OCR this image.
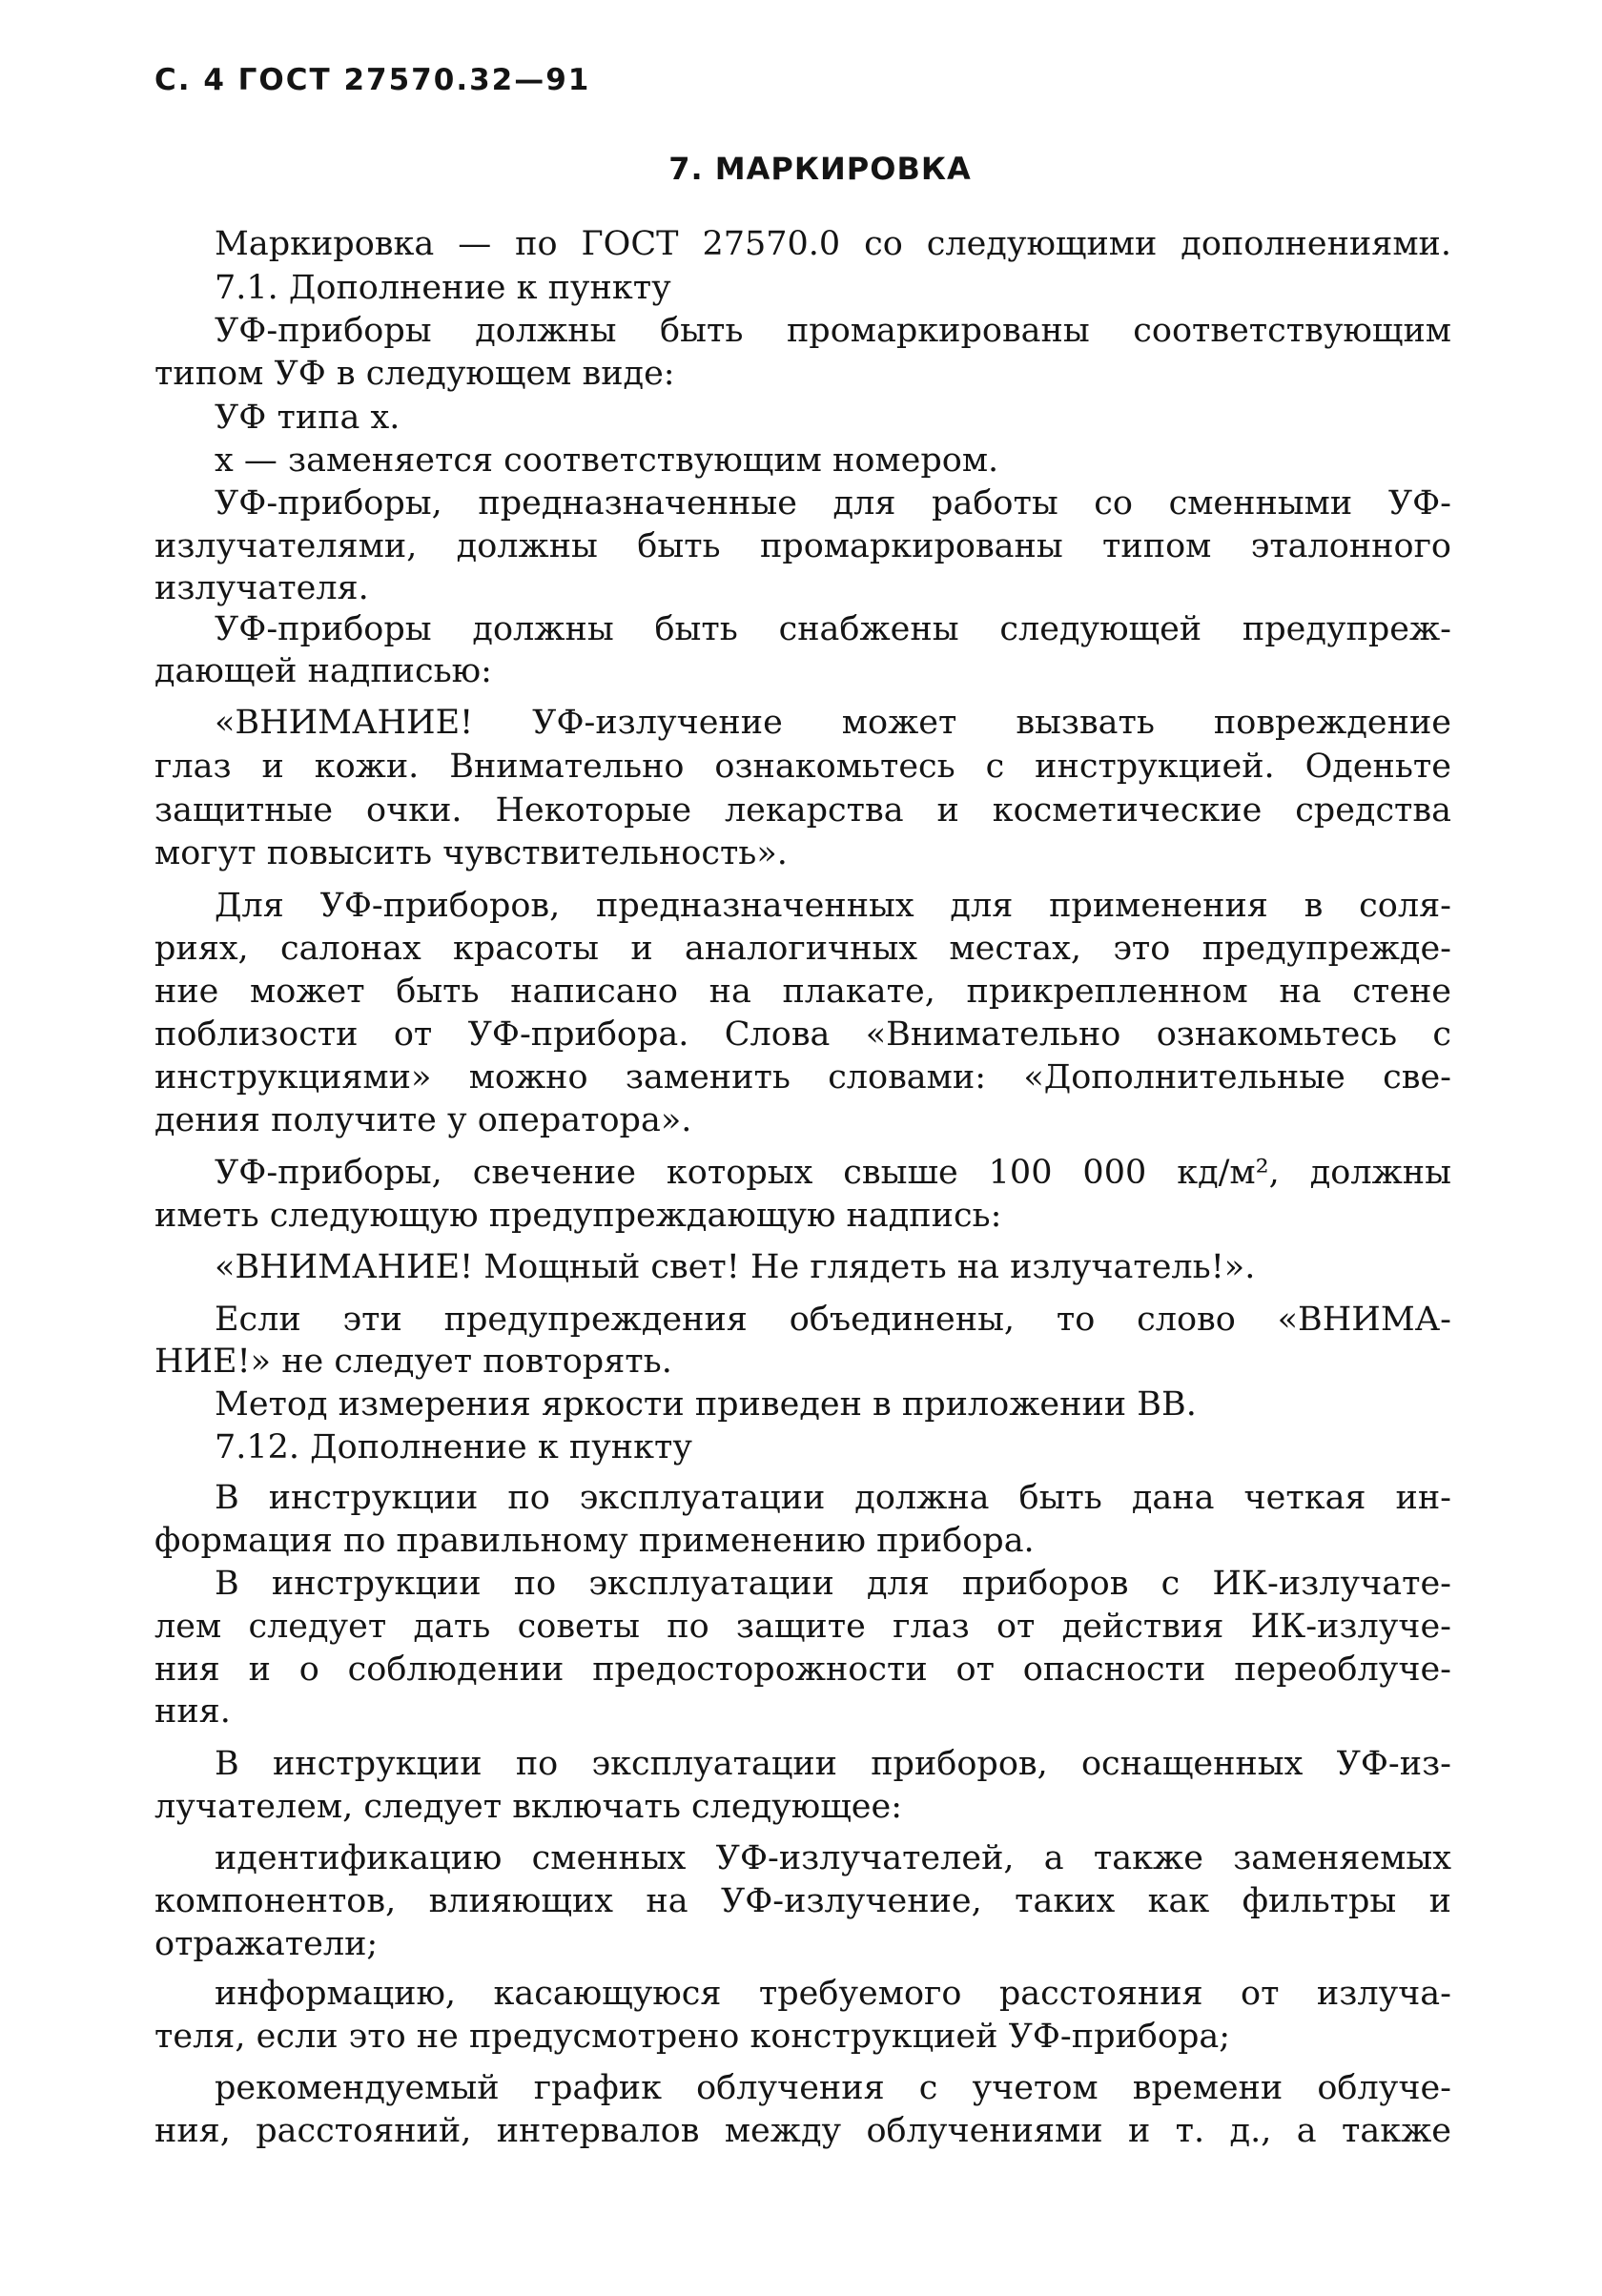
С. 4 ГОСТ 27570.32—91
7. МАРКИРОВКА
Маркировка — по ГОСТ 27570.0 со следующими дополнениями.
7.1. Дополнение к пункту
УФ-приборы должны быть промаркированы соответствующим
типом УФ в следующем виде:
УФ типа х.
х — заменяется соответствующим номером.
УФ-приборы, предназначенные для работы со сменными УФ-
излучателями, должны быть промаркированы типом эталонного
излучателя.
УФ-приборы должны быть снабжены следующей предупреж-
дающей надписью:
«ВНИМАНИЕ! УФ-излучение может вызвать повреждение
глаз и кожи. Внимательно ознакомьтесь с инструкцией. Оденьте
защитные очки. Некоторые лекарства и косметические средства
могут повысить чувствительность».
Для УФ-приборов, предназначенных для применения в соля-
риях, салонах красоты и аналогичных местах, это предупрежде-
ние может быть написано на плакате, прикрепленном на стене
поблизости от УФ-прибора. Слова «Внимательно ознакомьтесь с
инструкциями» можно заменить словами: «Дополнительные све-
дения получите у оператора».
УФ-приборы, свечение которых свыше 100 000 кд/м², должны
иметь следующую предупреждающую надпись:
«ВНИМАНИЕ! Мощный свет! Не глядеть на излучатель!».
Если эти предупреждения объединены, то слово «ВНИМА-
НИЕ!» не следует повторять.
Метод измерения яркости приведен в приложении ВВ.
7.12. Дополнение к пункту
В инструкции по эксплуатации должна быть дана четкая ин-
формация по правильному применению прибора.
В инструкции по эксплуатации для приборов с ИК-излучате-
лем следует дать советы по защите глаз от действия ИК-излуче-
ния и о соблюдении предосторожности от опасности переоблуче-
ния.
В инструкции по эксплуатации приборов, оснащенных УФ-из-
лучателем, следует включать следующее:
идентификацию сменных УФ-излучателей, а также заменяемых
компонентов, влияющих на УФ-излучение, таких как фильтры и
отражатели;
информацию, касающуюся требуемого расстояния от излуча-
теля, если это не предусмотрено конструкцией УФ-прибора;
рекомендуемый график облучения с учетом времени облуче-
ния, расстояний, интервалов между облучениями и т. д., а также
